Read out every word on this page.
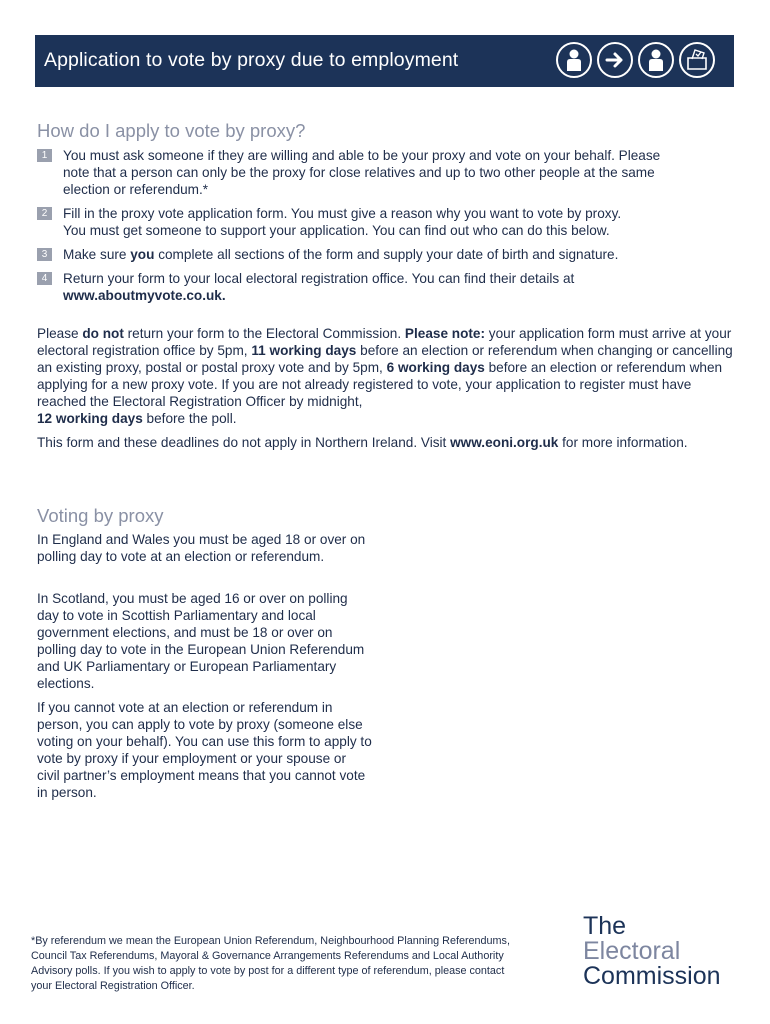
Application to vote by proxy due to employment
How do I apply to vote by proxy?
1	You must ask someone if they are willing and able to be your proxy and vote on your behalf. Please
note that a person can only be the proxy for close relatives and up to two other people at the same
election or referendum.*
2	Fill in the proxy vote application form. You must give a reason why you want to vote by proxy.
You must get someone to support your application. You can find out who can do this below.
3	Make sure you complete all sections of the form and supply your date of birth and signature.
4	Return your form to your local electoral registration office. You can find their details at
www.aboutmyvote.co.uk.

Please do not return your form to the Electoral Commission. Please note: your application form must arrive at your electoral registration office by 5pm, 11 working days before an election or referendum when changing or cancelling an existing proxy, postal or postal proxy vote and by 5pm, 6 working days before an election or referendum when applying for a new proxy vote. If you are not already registered to vote, your application to register must have reached the Electoral Registration Officer by midnight,
12 working days before the poll.

This form and these deadlines do not apply in Northern Ireland. Visit www.eoni.org.uk for more information.

Voting by proxy

In England and Wales you must be aged 18 or over on polling day to vote at an election or referendum.

In Scotland, you must be aged 16 or over on polling day to vote in Scottish Parliamentary and local government elections, and must be 18 or over on polling day to vote in the European Union Referendum and UK Parliamentary or European Parliamentary elections.

If you cannot vote at an election or referendum in person, you can apply to vote by proxy (someone else voting on your behalf). You can use this form to apply to vote by proxy if your employment or your spouse or civil partner’s employment means that you cannot vote in person.

*By referendum we mean the European Union Referendum, Neighbourhood Planning Referendums, Council Tax Referendums, Mayoral & Governance Arrangements Referendums and Local Authority Advisory polls. If you wish to apply to vote by post for a different type of referendum, please contact your Electoral Registration Officer.
The
Electoral
Commission
